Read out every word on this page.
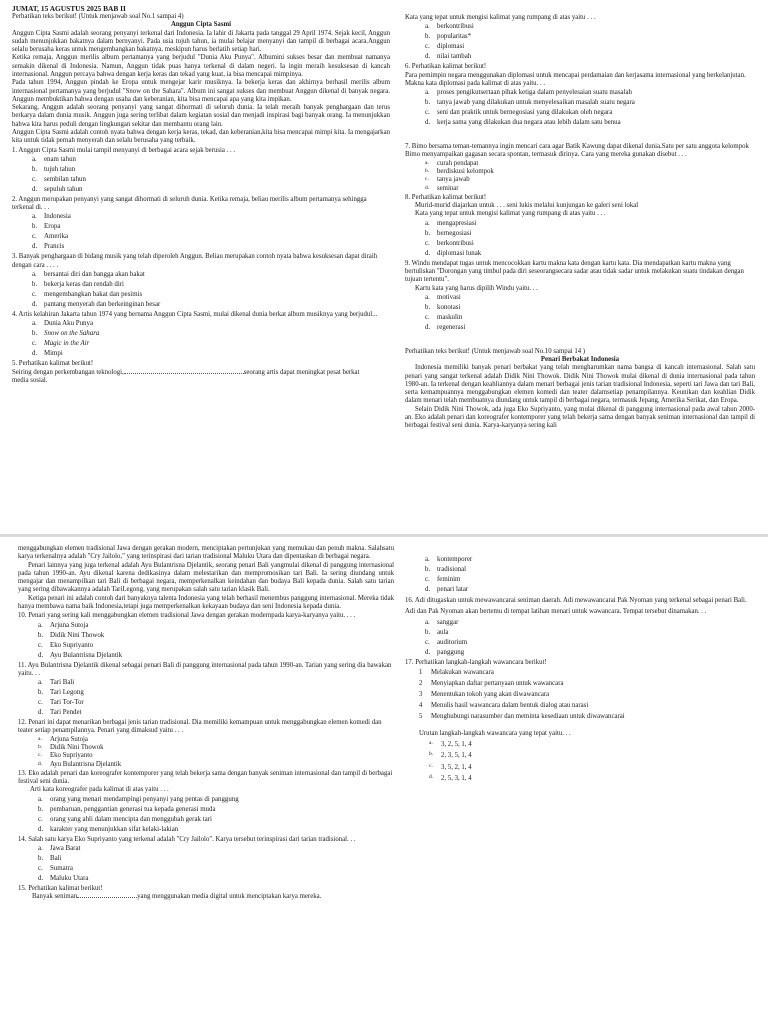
JUMAT, 15 AGUSTUS 2025 BAB II

Perhatikan teks berikut! (Untuk menjawab soal No.1 sampai 4)

Anggun Cipta Sasmi

Anggun Cipta Sasmi adalah seorang penyanyi terkenal dari Indonesia. Ia lahir di Jakarta pada tanggal 29 April 1974. Sejak kecil, Anggun sudah menunjukkan bakatnya dalam bernyanyi. Pada usia tujuh tahun, ia mulai belajar menyanyi dan tampil di berbagai acara.Anggun selalu berusaha keras untuk mengembangkan bakatnya, meskipun harus berlatih setiap hari.

Ketika remaja, Anggun merilis album pertamanya yang berjudul "Dunia Aku Punya". Albumini sukses besar dan membuat namanya semakin dikenal di Indonesia. Namun, Anggun tidak puas hanya terkenal di dalam negeri. Ia ingin meraih kesuksesan di kancah internasional. Anggun percaya bahwa dengan kerja keras dan tekad yang kuat, ia bisa mencapai mimpinya.

Pada tahun 1994, Anggun pindah ke Eropa untuk mengejar karir musiknya. Ia bekerja keras dan akhirnya berhasil merilis album internasional pertamanya yang berjudul "Snow on the Sahara". Album ini sangat sukses dan membuat Anggun dikenal di banyak negara. Anggun membuktikan bahwa dengan usaha dan keberanian, kita bisa mencapai apa yang kita impikan.

Sekarang, Anggun adalah seorang penyanyi yang sangat dihormati di seluruh dunia. Ia telah meraih banyak penghargaan dan terus berkarya dalam dunia musik. Anggun juga sering terlibat dalam kegiatan sosial dan menjadi inspirasi bagi banyak orang. Ia menunjukkan bahwa kita harus peduli dengan lingkungan sekitar dan membantu orang lain.

Anggun Cipta Sasmi adalah contoh nyata bahwa dengan kerja keras, tekad, dan keberanian,kita bisa mencapai mimpi kita. Ia mengajarkan kita untuk tidak pernah menyerah dan selalu berusaha yang terbaik.

1. Anggun Cipta Sasmi mulai tampil menyanyi di berbagai acara sejak berusia . . .

a.	enam tahun
b. tujuh tahun
c.	sembilan tahun
d. sepuluh tahun

2. Anggun merupakan penyanyi yang sangat dihormati di seluruh dunia. Ketika remaja, beliau merilis album pertamanya sehingga terkenal di. . .

a.	Indonesia
b. Eropa
c.	Amerika
d. Prancis

3. Banyak penghargaan di bidang musik yang telah diperoleh Anggun. Beliau merupakan contoh nyata bahwa kesuksesan dapat diraih dengan cara . . . .

a.	bersantai diri dan bangga akan bakat
b. bekerja keras dan rendah diri
c.	mengembangkan bakat dan pesimis
d. pantang menyerah dan berkeinginan besar

4. Artis kelahiran Jakarta tahun 1974 yang bernama Anggun Cipta Sasmi, mulai dikenal dunia berkat album musiknya yang berjudul...

a.	Dunia Aku Punya
b. Snow on the Sahara
c.	Magic in the Air
d. Mimpi

5. Perhatikan kalimat berikut!

Seiring dengan perkembangan teknologi,	seorang artis dapat meningkat pesat berkat

media sosial.

Kata yang tepat untuk mengisi kalimat yang rumpang di atas yaitu . . .

a.	berkontribusi
b. popularitas*
c.	diplomasi
d. nilai tambah

6. Perhatikan kalimat berikut!

Para pemimpin negara menggunakan diplomasi untuk mencapai perdamaian dan kerjasama internasional yang berkelanjutan.

Makna kata diplomasi pada kalimat di atas yaitu. . .

a.	proses pengikutsertaan pihak ketiga dalam penyelesaian suatu masalah
b. tanya jawab yang dilakukan untuk menyelesaikan masalah suatu negara
c.	seni dan praktik untuk bernegosiasi yang dilakukan oleh negara
d. kerja sama yang dilakukan dua negara atau lebih dalam satu benua

7. Bimo bersama teman-temannya ingin mencari cara agar Batik Kawung dapat dikenal dunia.Satu per satu anggota kelompok Bimo menyampaikan gagasan secara spontan, termasuk dirinya. Cara yang mereka gunakan disebut . . .

a.	curah pendapat
b.	berdiskusi kelompok
c.	tanya jawab
d.	seminar

8. Perhatikan kalimat berikut!

Murid-murid diajarkan untuk . . . seni lukis melalui kunjungan ke galeri seni lokal

Kata yang tepat untuk mengisi kalimat yang rumpang di atas yaitu . . .

a.	mengapresiasi
b. bernegosiasi
c.	berkontribusi
d. diplomasi lunak

9. Windu mendapat tugas untuk mencocokkan kartu makna kata dengan kartu kata. Dia mendapatkan kartu makna yang bertuliskan "Dorongan yang timbul pada diri seseorangsecara sadar atau tidak sadar untuk melakukan suatu tindakan dengan tujuan tertentu".

Kartu kata yang harus dipilih Windu yaitu. . .

a.	motivasi
b. konotasi
c.	maskulin
d. regenerasi

Perhatikan teks berikut! (Untuk menjawab soal No.10 sampai 14 )

Penari Berbakat Indonesia

Indonesia memiliki banyak penari berbakat yang telah mengharumkan nama bangsa di kancah internasional. Salah satu penari yang sangat terkenal adalah Didik Nini Thowok. Didik Nini Thowok mulai dikenal di dunia internasional pada tahun 1980-an. Ia terkenal dengan keahliannya dalam menari berbagai jenis tarian tradisional Indonesia, seperti tari Jawa dan tari Bali, serta kemampuannya menggabungkan elemen komedi dan teater dalamsetiap penampilannya. Keunikan dan keahlian Didik dalam menari telah membuatnya diundang untuk tampil di berbagai negara, termasuk Jepang, Amerika Serikat, dan Eropa.

Selain Didik Nini Thowok, ada juga Eko Supriyanto, yang mulai dikenal di panggung internasional pada awal tahun 2000-an. Eko adalah penari dan koreografer kontemporer yang telah bekerja sama dengan banyak seniman internasional dan tampil di berbagai festival seni dunia. Karya-karyanya sering kali

menggabungkan elemen tradisional Jawa dengan gerakan modern, menciptakan pertunjukan yang memukau dan penuh makna. Salahsatu karya terkenalnya adalah "Cry Jailolo," yang terinspirasi dari tarian tradisional Maluku Utara dan dipentaskan di berbagai negara.

Penari lainnya yang juga terkenal adalah Ayu Bulantrisna Djelantik, seorang penari Bali yangmulai dikenal di panggung internasional pada tahun 1990-an. Ayu dikenal karena dedikasinya dalam melestarikan dan mempromosikan tari Bali. Ia sering diundang untuk mengajar dan menampilkan tari Bali di berbagai negara, memperkenalkan keindahan dan budaya Bali kepada dunia. Salah satu tarian yang sering dibawakannya adalah TariLegong, yang merupakan salah satu tarian klasik Bali.

Ketiga penari ini adalah contoh dari banyaknya talenta Indonesia yang telah berhasil menembus panggung internasional. Mereka tidak hanya membawa nama baik Indonesia,tetapi juga memperkenalkan kekayaan budaya dan seni Indonesia kepada dunia.

10. Penari yang sering kali menggabungkan elemen tradisional Jawa dengan gerakan modernpada karya-karyanya yaitu. . . .

a.	Arjuna Sutoja
b. Didik Nini Thowok
c.	Eko Supriyanto
d. Ayu Bulantrisna Djelantik

11. Ayu Bulantrisna Djelantik dikenal sebagai penari Bali di panggung internasional pada tahun 1990-an. Tarian yang sering dia bawakan yaitu. . .

a.	Tari Bali
b. Tari Legong
c.	Tari Tor-Tor
d. Tari Pendet

12. Penari ini dapat menarikan berbagai jenis tarian tradisional. Dia memiliki kemampuan untuk menggabungkan elemen komedi dan teater setiap penampilannya. Penari yang dimaksud yaitu . . .

a.	Arjuna Sutoja
b.	Didik Nini Thowok
c.	Eko Supriyanto
d.	Ayu Bulantrisna Djelantik

13. Eko adalah penari dan koreografer kontemporer yang telah bekerja sama dengan banyak seniman internasional dan tampil di berbagai festival seni dunia.

Arti kata koreografer pada kalimat di atas yaitu . . .

a.	orang yang menari mendampingi penyanyi yang pentas di panggung
b. pembaruan, penggantian generasi tua kepada generasi muda
c.	orang yang ahli dalam mencipta dan menggubah gerak tari
d. karakter yang menunjukkan sifat kelaki-lakian

14. Salah satu karya Eko Supriyanto yang terkenal adalah "Cry Jailolo". Karya tersebut terinspirasi dari tarian tradisional. . .

a.	Jawa Barat
b. Bali
c.	Sumatra
d. Maluku Utara

15. Perhatikan kalimat berikut!

Banyak seniman	yang menggunakan media digital untuk menciptakan karya mereka.

a.	kontemporer
b. tradisional
c.	feminim
d. penari latar

16. Adi ditugaskan untuk mewawancarai seniman daerah. Adi mewawancarai Pak Nyoman yang terkenal sebagai penari Bali. Adi dan Pak Nyoman akan bertemu di tempat latihan menari untuk wawancara. Tempat tersebut dinamakan. . .

a.	sanggar
b. aula
c.	auditorium
d. panggung

17. Perhatikan langkah-langkah wawancara berikut!

1	Melakukan wawancara
2	Menyiapkan daftar pertanyaan untuk wawancara
3	Menentukan tokoh yang akan diwawancara
4	Menulis hasil wawancara dalam bentuk dialog atau narasi
5	Menghubungi narasumber dan meminta kesediaan untuk diwawancarai

Urutan langkah-langkah wawancara yang tepat yaitu. . .

a.	3, 2, 5, 1, 4
b.	2, 3, 5, 1, 4
c.	3, 5, 2, 1, 4
d.	2, 5, 3, 1, 4
